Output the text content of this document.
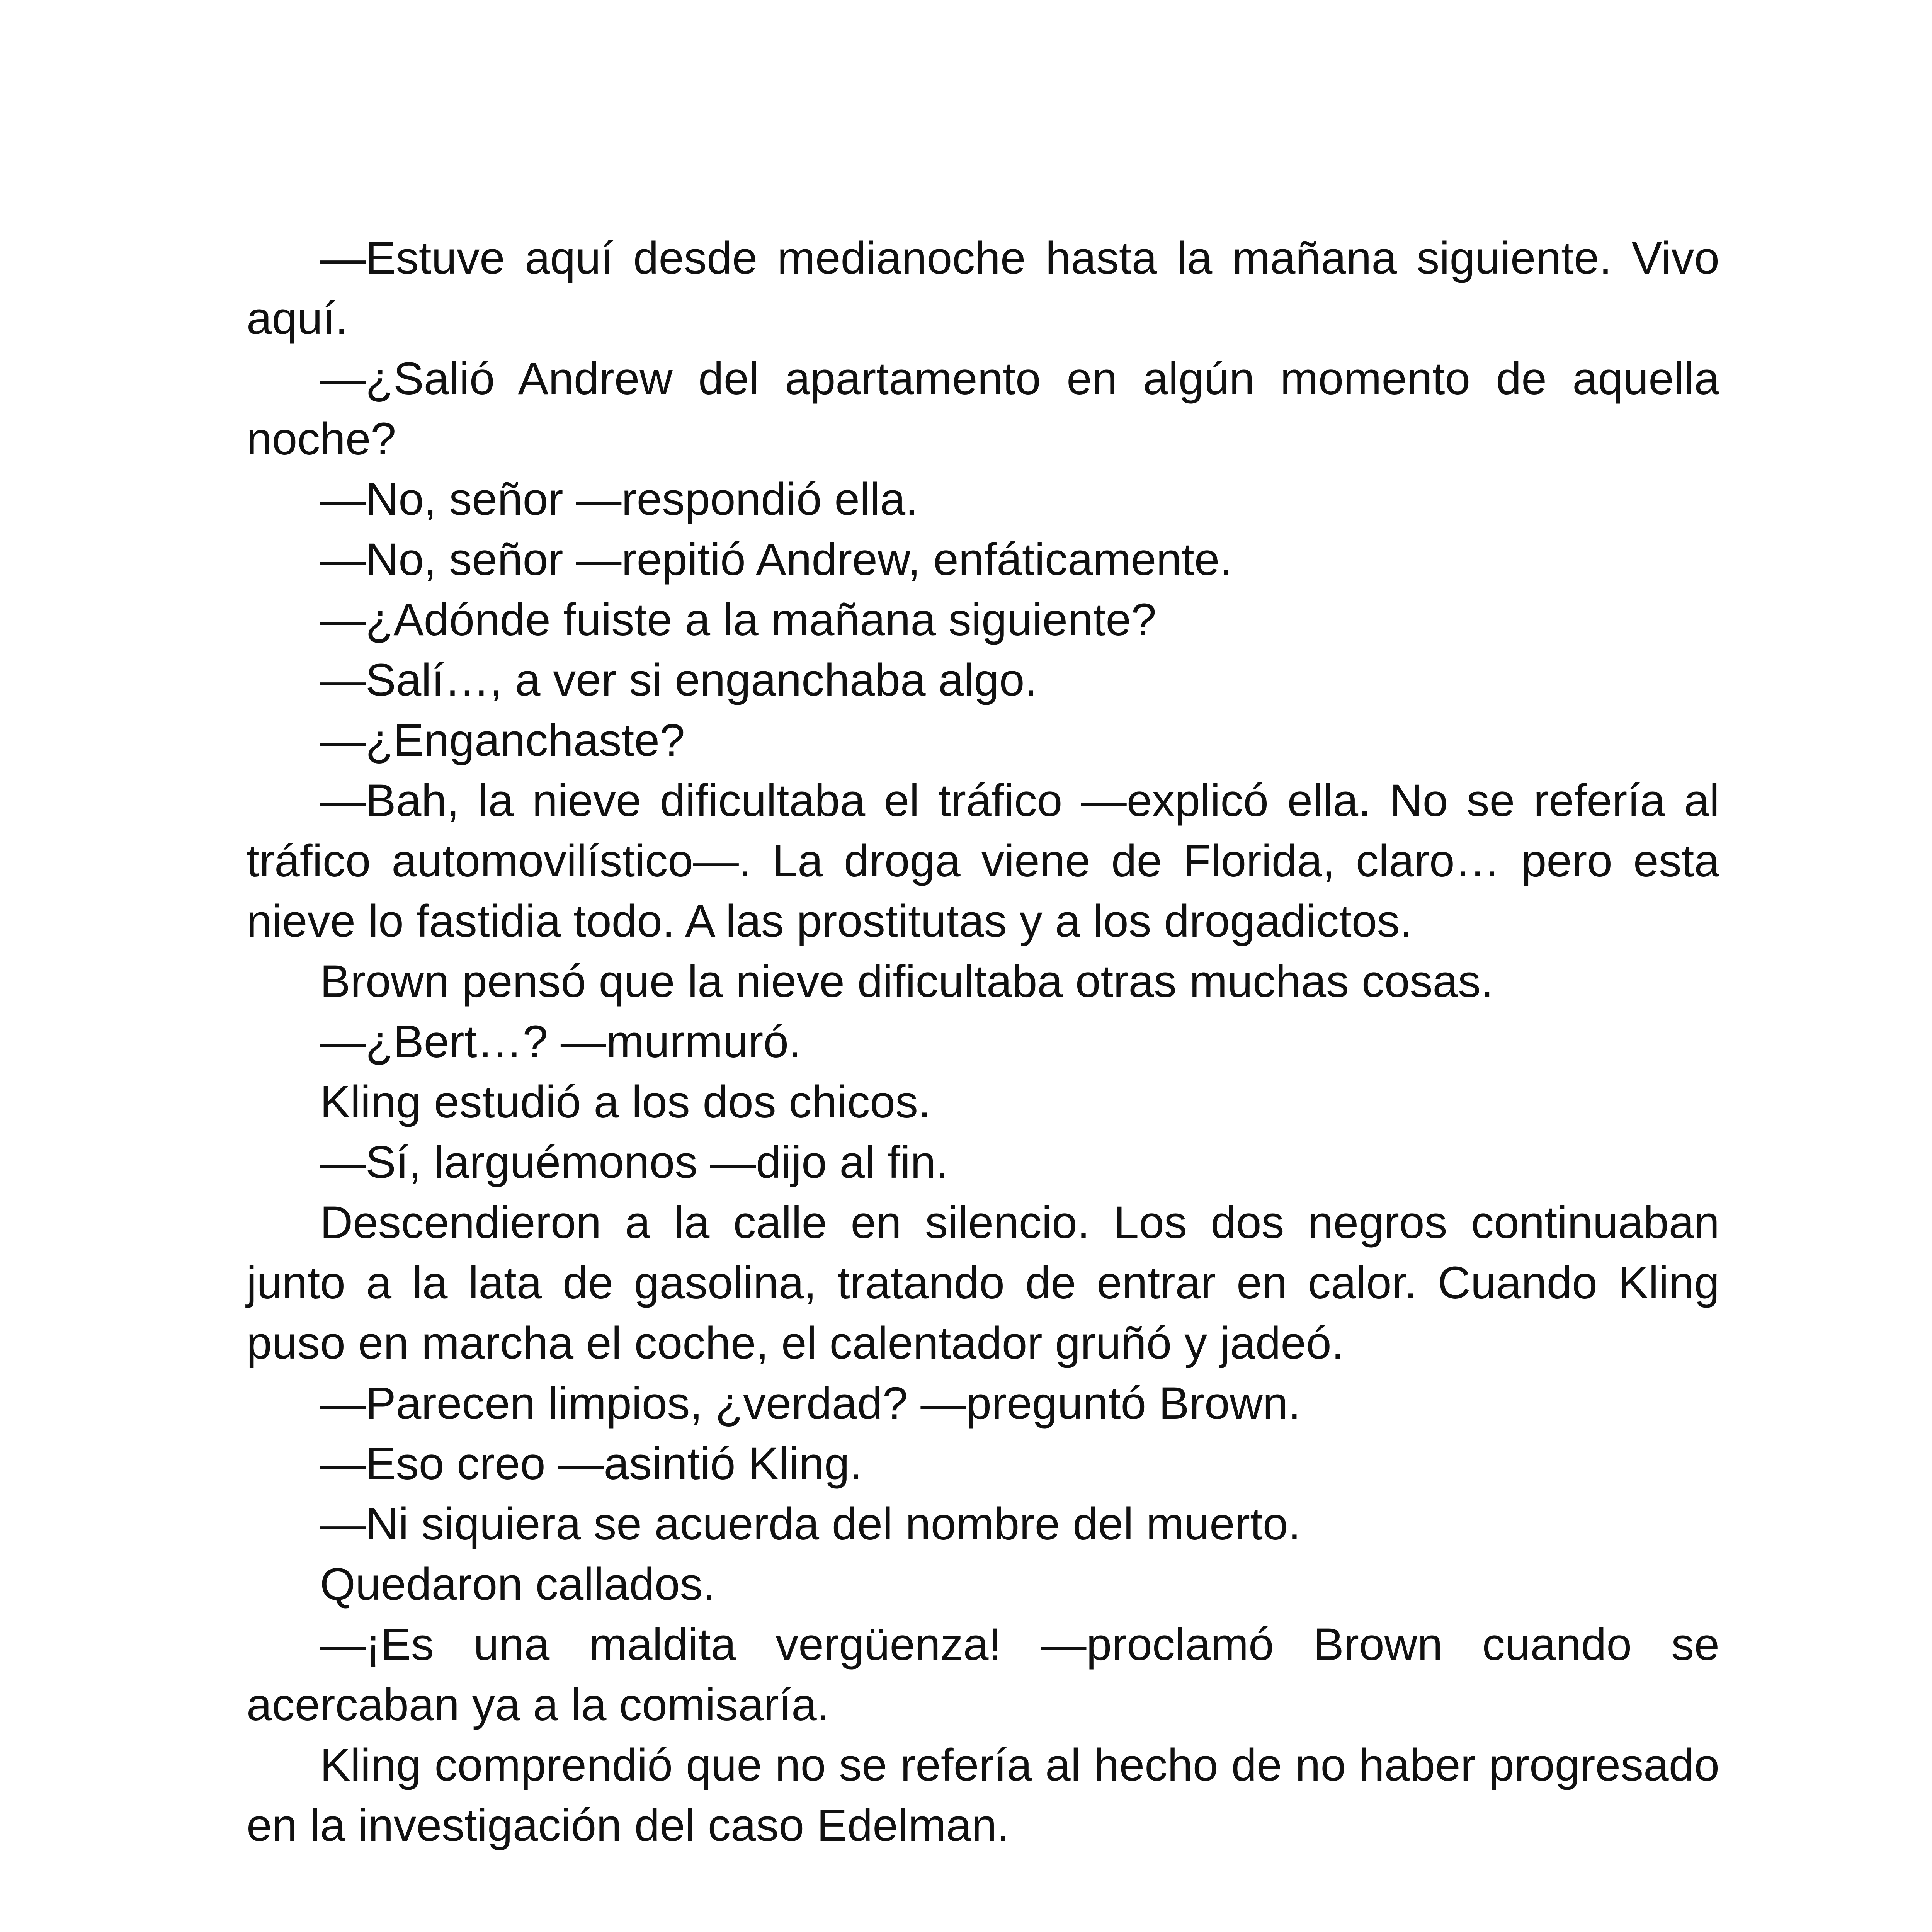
—Estuve aquí desde medianoche hasta la mañana siguiente. Vivo aquí.

—¿Salió Andrew del apartamento en algún momento de aquella noche?

—No, señor —respondió ella.

—No, señor —repitió Andrew, enfáticamente.

—¿Adónde fuiste a la mañana siguiente?

—Salí…, a ver si enganchaba algo.

—¿Enganchaste?

—Bah, la nieve dificultaba el tráfico —explicó ella. No se refería al tráfico automovilístico—. La droga viene de Florida, claro… pero esta nieve lo fastidia todo. A las prostitutas y a los drogadictos.

Brown pensó que la nieve dificultaba otras muchas cosas.

—¿Bert…? —murmuró.

Kling estudió a los dos chicos.

—Sí, larguémonos —dijo al fin.

Descendieron a la calle en silencio. Los dos negros continuaban junto a la lata de gasolina, tratando de entrar en calor. Cuando Kling puso en marcha el coche, el calentador gruñó y jadeó.

—Parecen limpios, ¿verdad? —preguntó Brown.

—Eso creo —asintió Kling.

—Ni siquiera se acuerda del nombre del muerto.

Quedaron callados.

—¡Es una maldita vergüenza! —proclamó Brown cuando se acercaban ya a la comisaría.

Kling comprendió que no se refería al hecho de no haber progresado en la investigación del caso Edelman.
